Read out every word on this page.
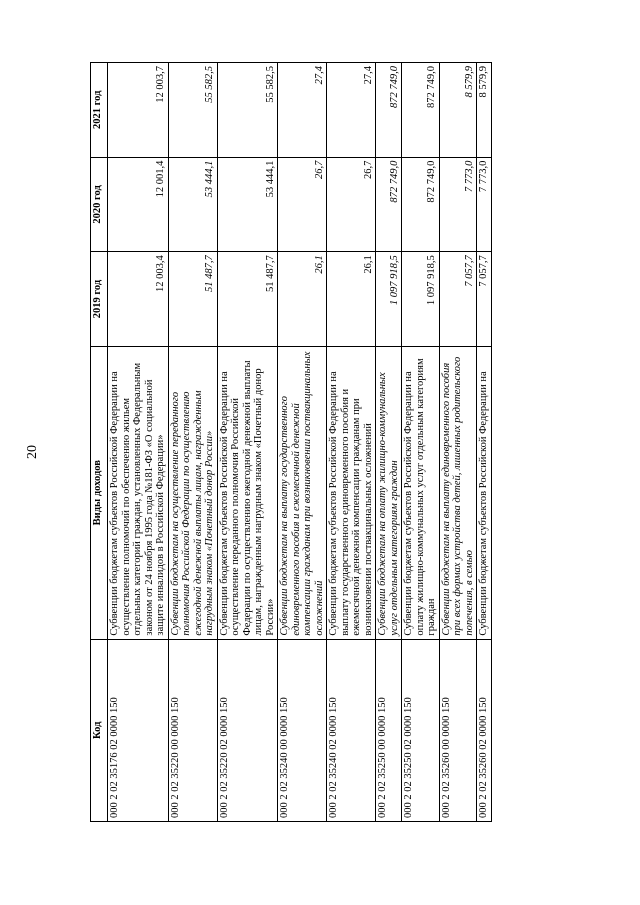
20
Код	Виды доходов	2019 год	2020 год	2021 год
000 2 02 35176 02 0000 150	Субвенции бюджетам субъектов Российской Федерации на осуществление полномочий по обеспечению жильем отдельных категорий граждан, установленных Федеральным законом от 24 ноября 1995 года №181-ФЗ «О социальной защите инвалидов в Российской Федерации»	12 003,4	12 001,4	12 003,7
000 2 02 35220 00 0000 150	Субвенции бюджетам на осуществление переданного полномочия Российской Федерации по осуществлению ежегодной денежной выплаты лицам, награжденным нагрудным знаком «Почетный донор России»	51 487,7	53 444,1	55 582,5
000 2 02 35220 02 0000 150	Субвенции бюджетам субъектов Российской Федерации на осуществление переданного полномочия Российской Федерации по осуществлению ежегодной денежной выплаты лицам, награжденным нагрудным знаком «Почетный донор России»	51 487,7	53 444,1	55 582,5
000 2 02 35240 00 0000 150	Субвенции бюджетам на выплату государственного единовременного пособия и ежемесячной денежной компенсации гражданам при возникновении поствакцинальных осложнений	26,1	26,7	27,4
000 2 02 35240 02 0000 150	Субвенции бюджетам субъектов Российской Федерации на выплату государственного единовременного пособия и ежемесячной денежной компенсации гражданам при возникновении поствакцинальных осложнений	26,1	26,7	27,4
000 2 02 35250 00 0000 150	Субвенции бюджетам на оплату жилищно-коммунальных услуг отдельным категориям граждан	1 097 918,5	872 749,0	872 749,0
000 2 02 35250 02 0000 150	Субвенции бюджетам субъектов Российской Федерации на оплату жилищно-коммунальных услуг отдельным категориям граждан	1 097 918,5	872 749,0	872 749,0
000 2 02 35260 00 0000 150	Субвенции бюджетам на выплату единовременного пособия при всех формах устройства детей, лишенных родительского попечения, в семью	7 057,7	7 773,0	8 579,9
000 2 02 35260 02 0000 150	Субвенции бюджетам субъектов Российской Федерации на	7 057,7	7 773,0	8 579,9
